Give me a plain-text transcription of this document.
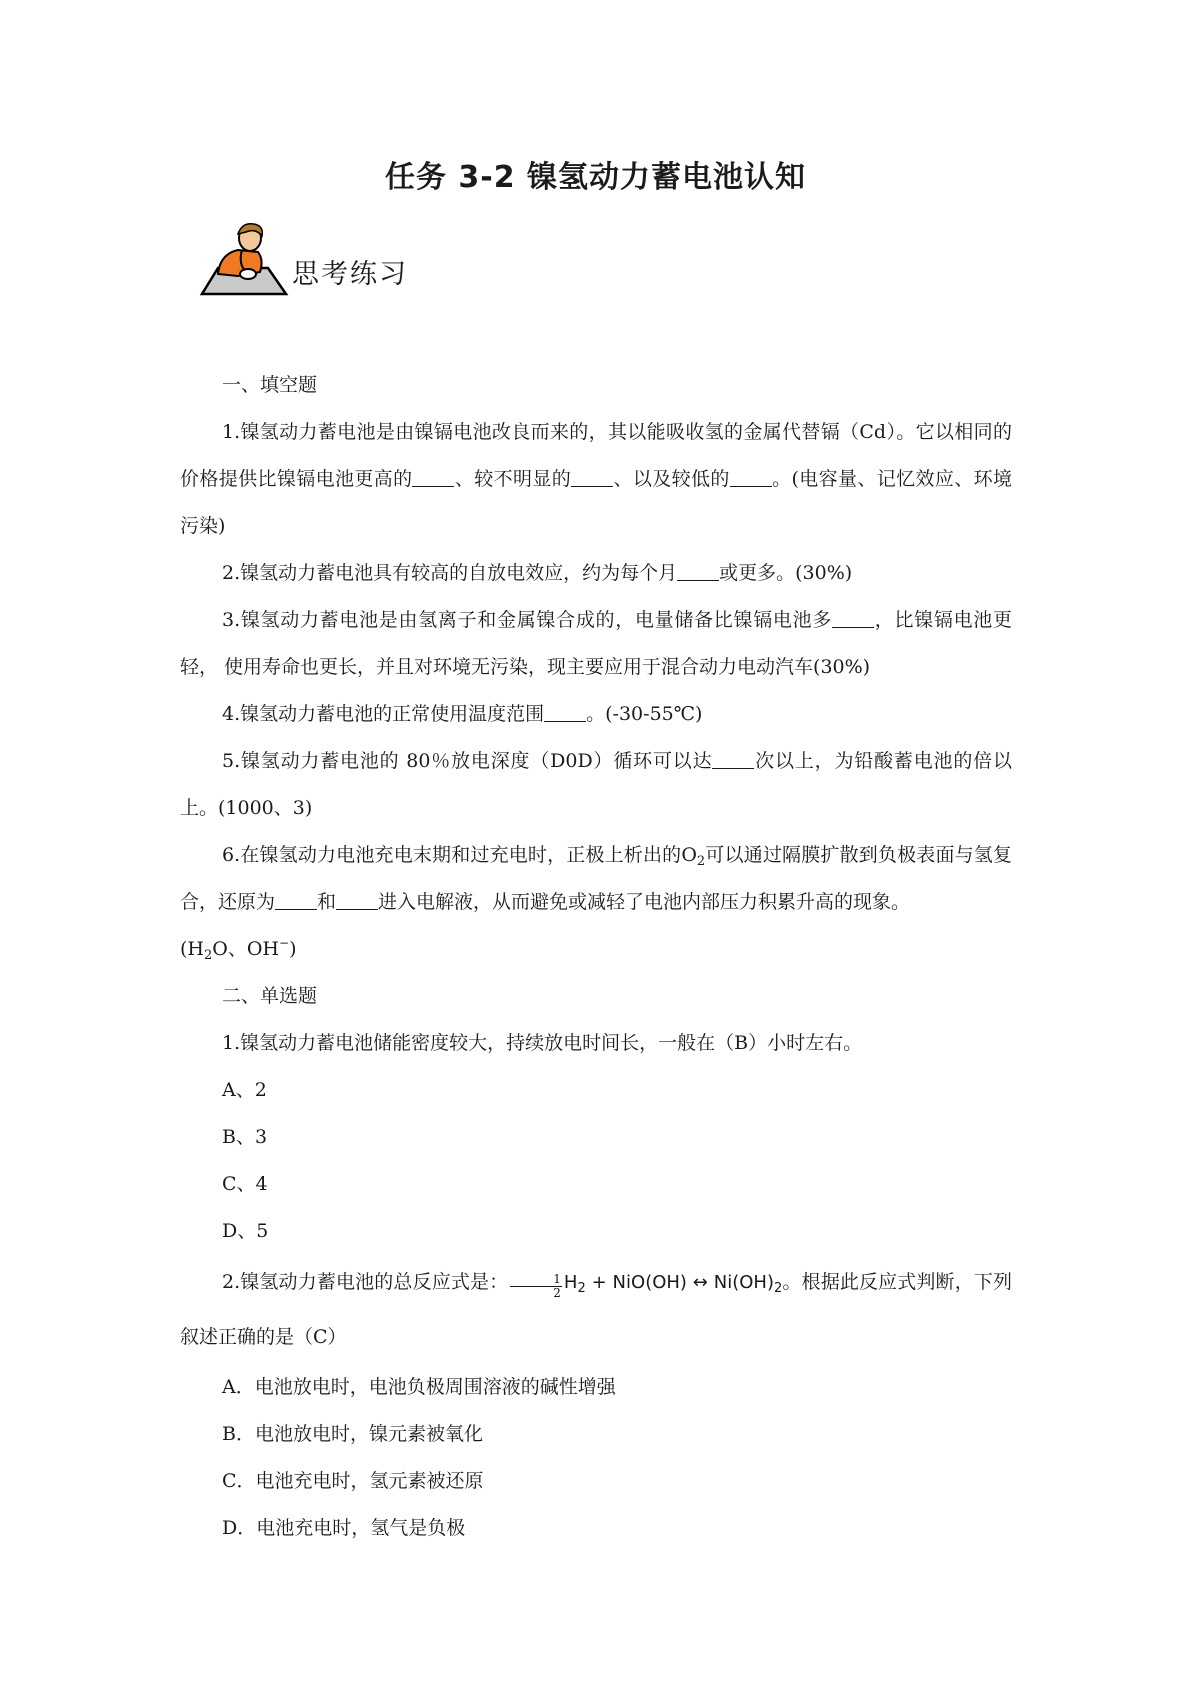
任务 3-2 镍氢动力蓄电池认知
思考练习

一、填空题

1.镍氢动力蓄电池是由镍镉电池改良而来的，其以能吸收氢的金属代替镉（Cd）。它以相同的价格提供比镍镉电池更高的 、较不明显的 、以及较低的 。(电容量、记忆效应、环境污染)

2.镍氢动力蓄电池具有较高的自放电效应，约为每个月 或更多。(30%)

3.镍氢动力蓄电池是由氢离子和金属镍合成的，电量储备比镍镉电池多 ，比镍镉电池更轻， 使用寿命也更长，并且对环境无污染，现主要应用于混合动力电动汽车(30%)

4.镍氢动力蓄电池的正常使用温度范围 。(-30-55℃)

5.镍氢动力蓄电池的 80％放电深度（D0D）循环可以达 次以上，为铅酸蓄电池的倍以上。(1000、3)

6.在镍氢动力电池充电末期和过充电时，正极上析出的$O_2$可以通过隔膜扩散到负极表面与氢复合，还原为 和 进入电解液，从而避免或减轻了电池内部压力积累升高的现象。

($H_2O$、OH−)

二、单选题

1.镍氢动力蓄电池储能密度较大，持续放电时间长，一般在（B）小时左右。

A、2

B、3

C、4

D、5

2.镍氢动力蓄电池的总反应式是： $\frac{1}{2} H_2 + NiO(OH)$ ↔ $Ni(OH)_2$。根据此反应式判断，下列叙述正确的是（C）

A．电池放电时，电池负极周围溶液的碱性增强

B．电池放电时，镍元素被氧化

C．电池充电时，氢元素被还原

D．电池充电时，氢气是负极
